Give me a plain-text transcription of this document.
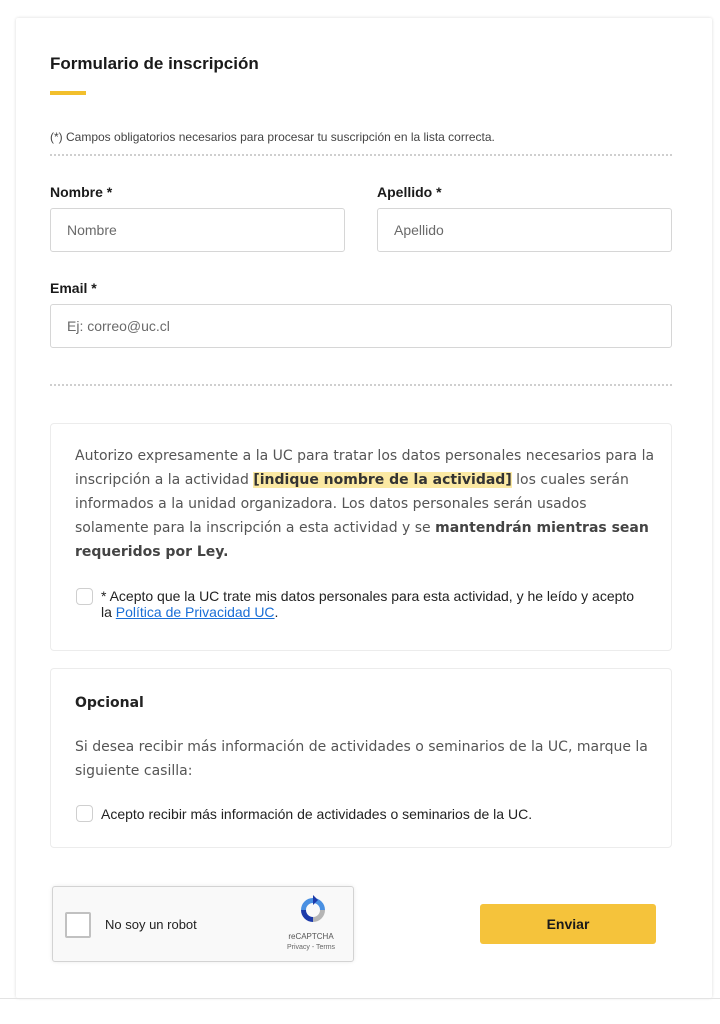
Formulario de inscripción
(*) Campos obligatorios necesarios para procesar tu suscripción en la lista correcta.
Nombre *
Nombre	Apellido *
Apellido
Email *
Ej: correo@uc.cl
Autorizo expresamente a la UC para tratar los datos personales necesarios para la inscripción a la actividad [indique nombre de la actividad] los cuales serán informados a la unidad organizadora. Los datos personales serán usados solamente para la inscripción a esta actividad y se mantendrán mientras sean requeridos por Ley.
* Acepto que la UC trate mis datos personales para esta actividad, y he leído y acepto la Política de Privacidad UC.
Opcional
Si desea recibir más información de actividades o seminarios de la UC, marque la siguiente casilla:
Acepto recibir más información de actividades o seminarios de la UC.
No soy un robot
reCAPTCHA
Privacy - Terms
Enviar
